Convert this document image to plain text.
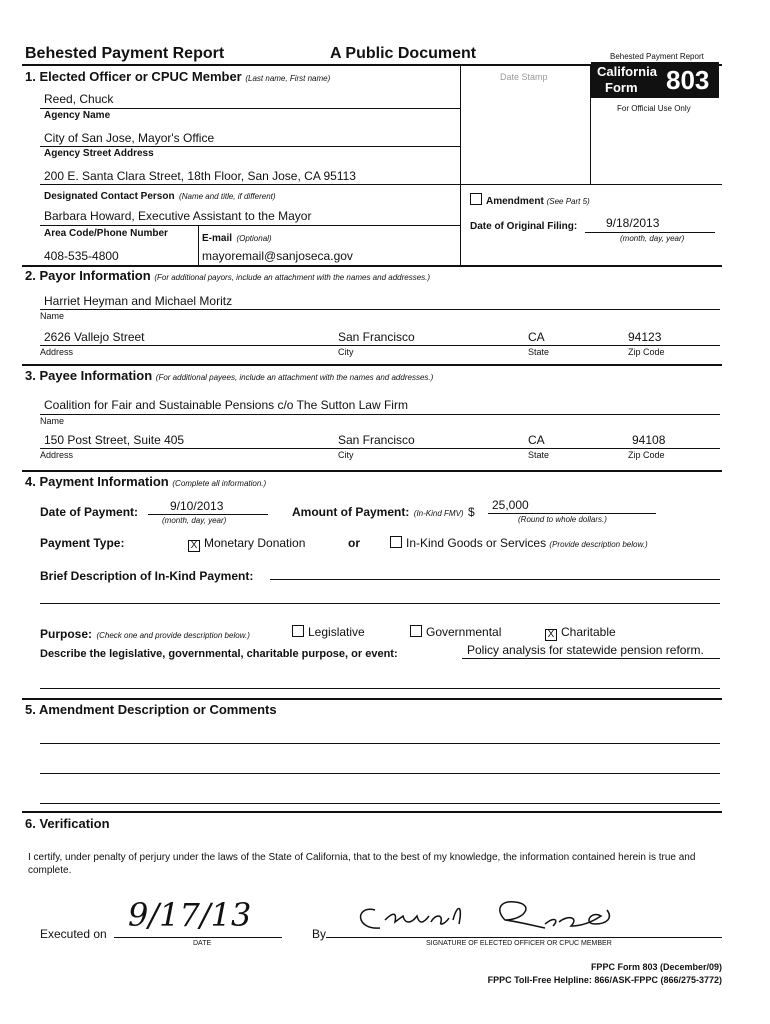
Behested Payment Report	A Public Document	Behested Payment Report
California
Form 803
For Official Use Only
Date Stamp
1. Elected Officer or CPUC Member (Last name, First name)
Reed, Chuck
Agency Name
City of San Jose, Mayor's Office
Agency Street Address
200 E. Santa Clara Street, 18th Floor, San Jose, CA 95113
Designated Contact Person (Name and title, if different)
Barbara Howard, Executive Assistant to the Mayor
Area Code/Phone Number	E-mail (Optional)
408-535-4800	mayoremail@sanjoseca.gov
Amendment (See Part 5)
Date of Original Filing: 9/18/2013
(month, day, year)
2. Payor Information (For additional payors, include an attachment with the names and addresses.)
Harriet Heyman and Michael Moritz
Name
2626 Vallejo Street	San Francisco	CA	94123
Address	City	State	Zip Code
3. Payee Information (For additional payees, include an attachment with the names and addresses.)
Coalition for Fair and Sustainable Pensions c/o The Sutton Law Firm
Name
150 Post Street, Suite 405	San Francisco	CA	94108
Address	City	State	Zip Code
4. Payment Information (Complete all information.)
Date of Payment:	9/10/2013
(month, day, year)
Amount of Payment: (In-Kind FMV) $ 25,000
(Round to whole dollars.)
Payment Type:	X Monetary Donation	or	In-Kind Goods or Services (Provide description below.)
Brief Description of In-Kind Payment:
Purpose: (Check one and provide description below.)	Legislative	Governmental	X Charitable
Describe the legislative, governmental, charitable purpose, or event:	Policy analysis for statewide pension reform.
5. Amendment Description or Comments
6. Verification
I certify, under penalty of perjury under the laws of the State of California, that to the best of my knowledge, the information contained herein is true and complete.
Executed on 9/17/13
DATE
By
SIGNATURE OF ELECTED OFFICER OR CPUC MEMBER
FPPC Form 803 (December/09)
FPPC Toll-Free Helpline: 866/ASK-FPPC (866/275-3772)
